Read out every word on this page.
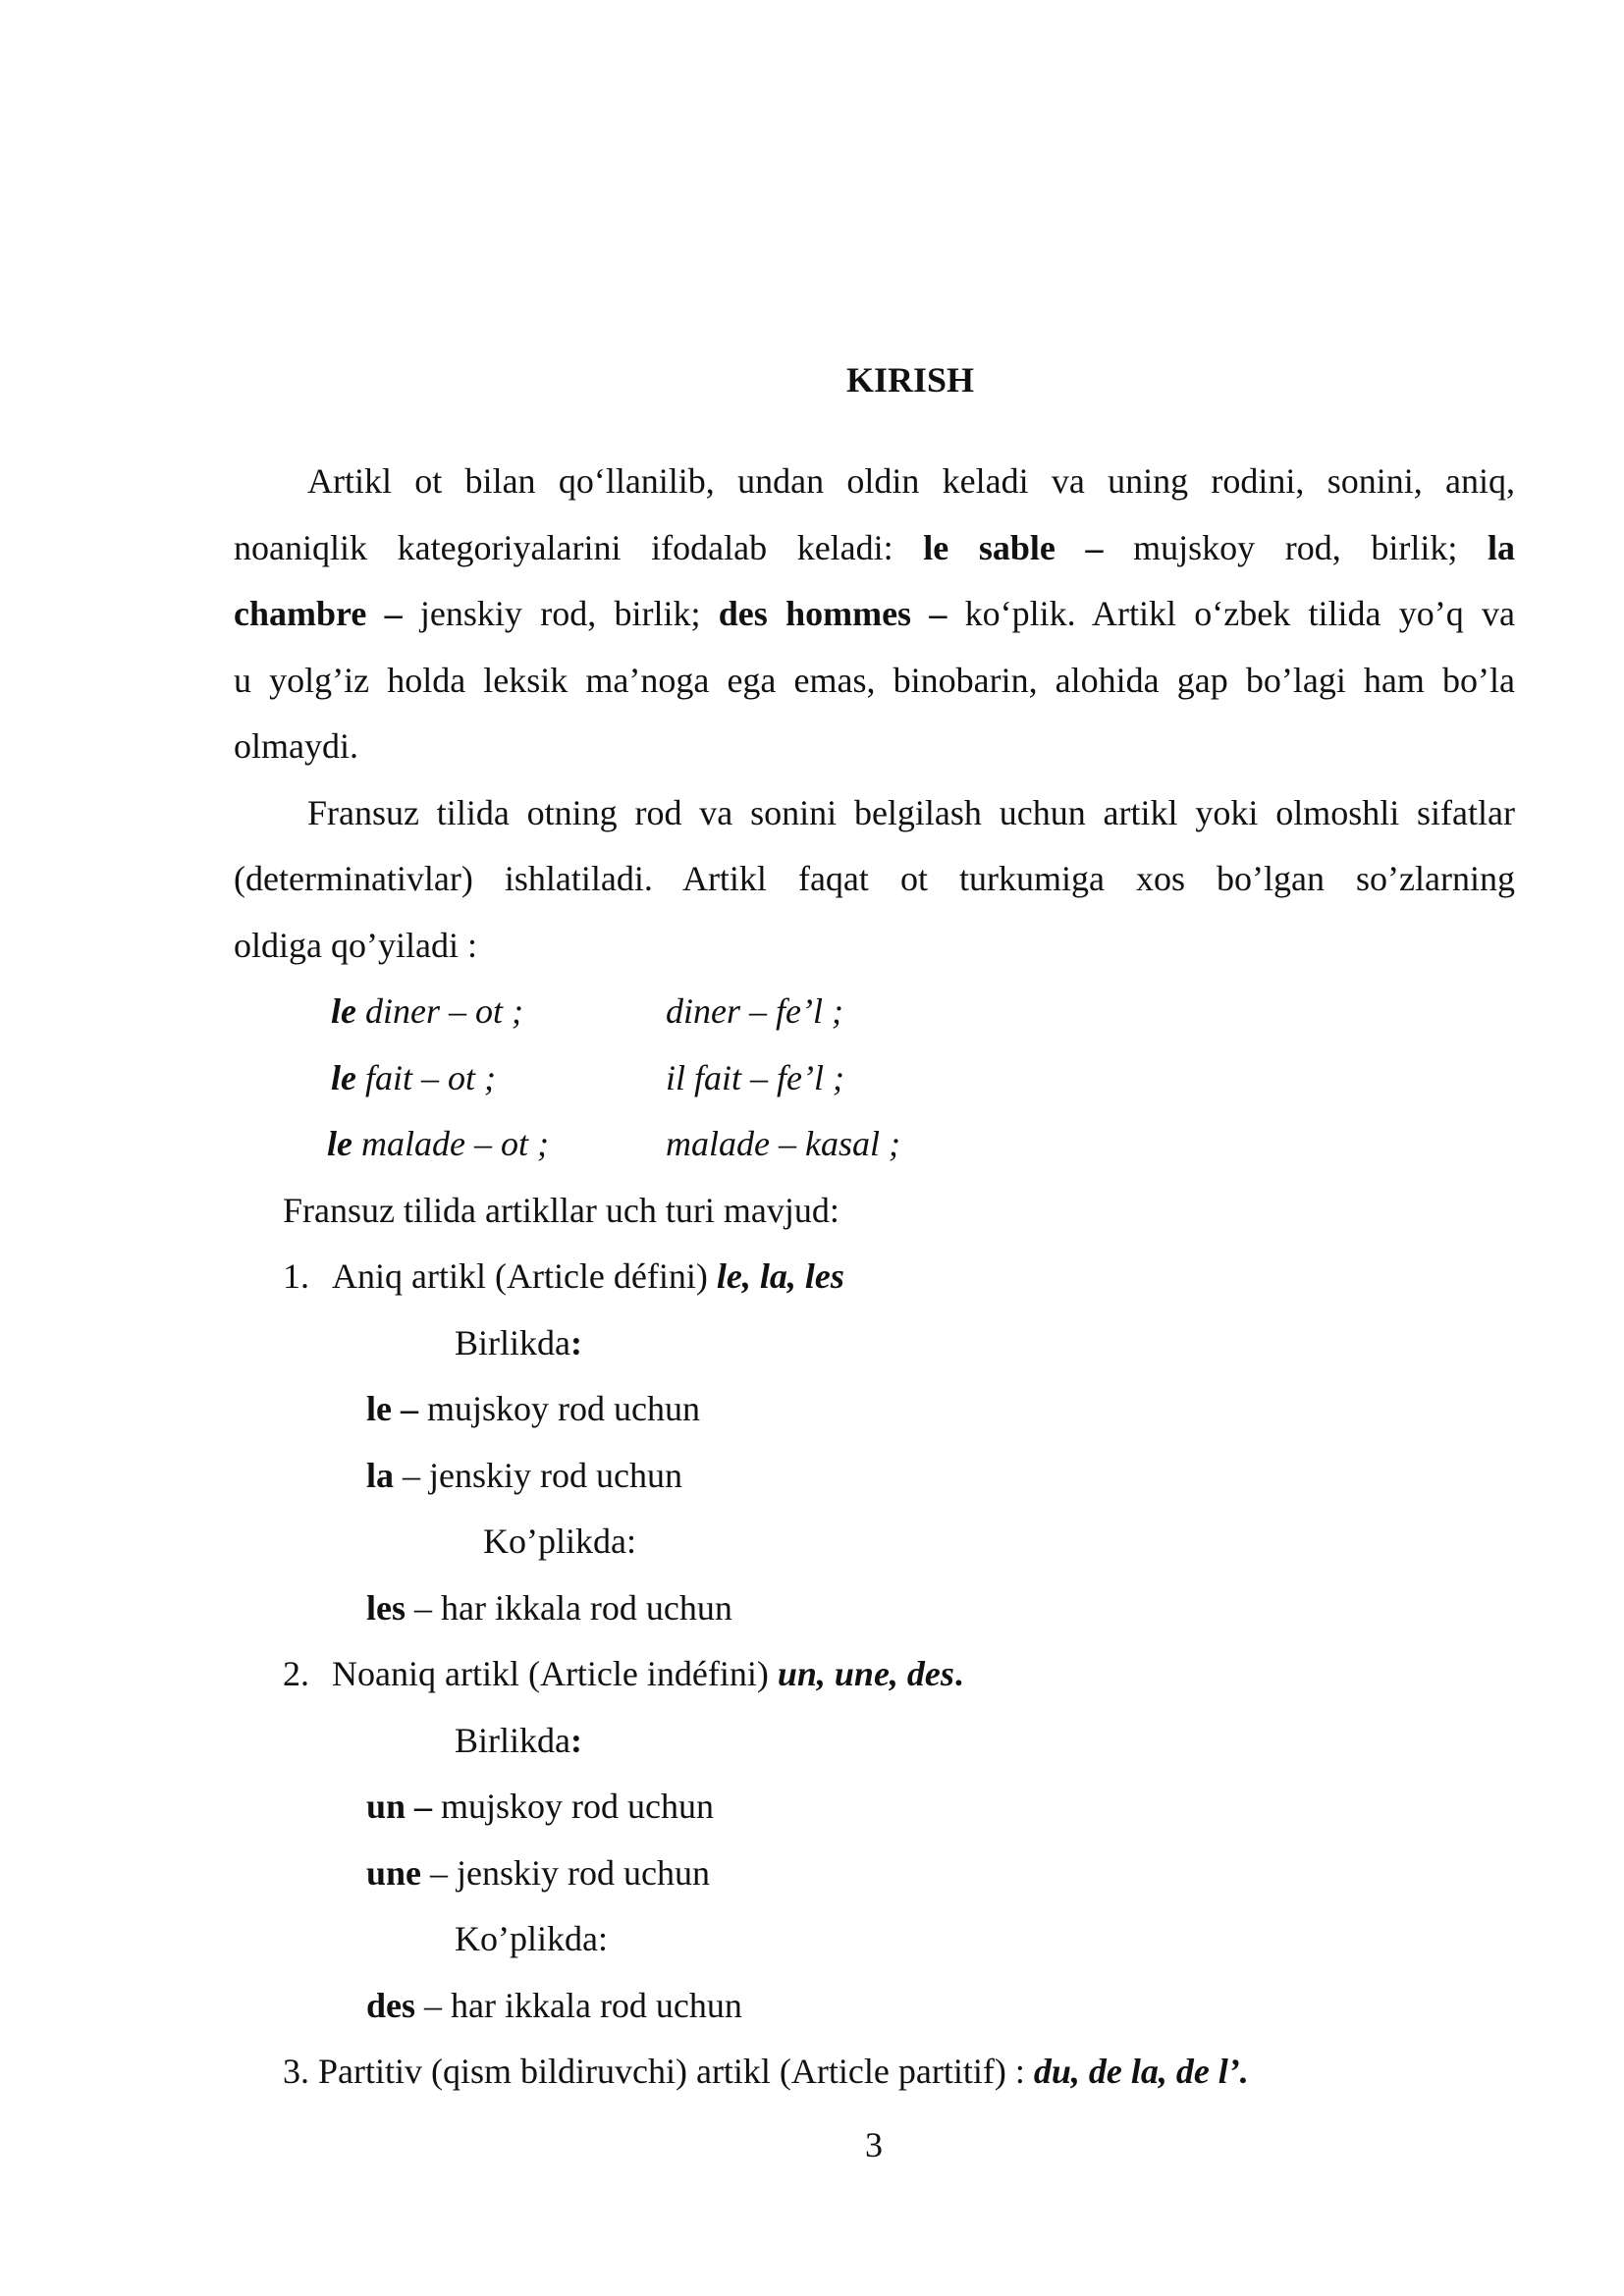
KIRISH
Artikl ot bilan qo‘llanilib, undan oldin keladi va uning rodini, sonini, aniq,
noaniqlik kategoriyalarini ifodalab keladi: le sable – mujskoy rod, birlik; la
chambre – jenskiy rod, birlik; des hommes – ko‘plik. Artikl o‘zbek tilida yo’q va
u yolg’iz holda leksik ma’noga ega emas, binobarin, alohida gap bo’lagi ham bo’la
olmaydi.
Fransuz tilida otning rod va sonini belgilash uchun artikl yoki olmoshli sifatlar
(determinativlar) ishlatiladi. Artikl faqat ot turkumiga xos bo’lgan so’zlarning
oldiga qo’yiladi :
le diner – ot ;	diner – fe’l ;
le fait – ot ;	il fait – fe’l ;
le malade – ot ;	malade – kasal ;
Fransuz tilida artikllar uch turi mavjud:
1. Aniq artikl (Article défini) le, la, les
Birlikda:
le – mujskoy rod uchun
la – jenskiy rod uchun
Ko’plikda:
les – har ikkala rod uchun
2. Noaniq artikl (Article indéfini) un, une, des.
Birlikda:
un – mujskoy rod uchun
une – jenskiy rod uchun
Ko’plikda:
des – har ikkala rod uchun
3. Partitiv (qism bildiruvchi) artikl (Article partitif) : du, de la, de l’.
3
